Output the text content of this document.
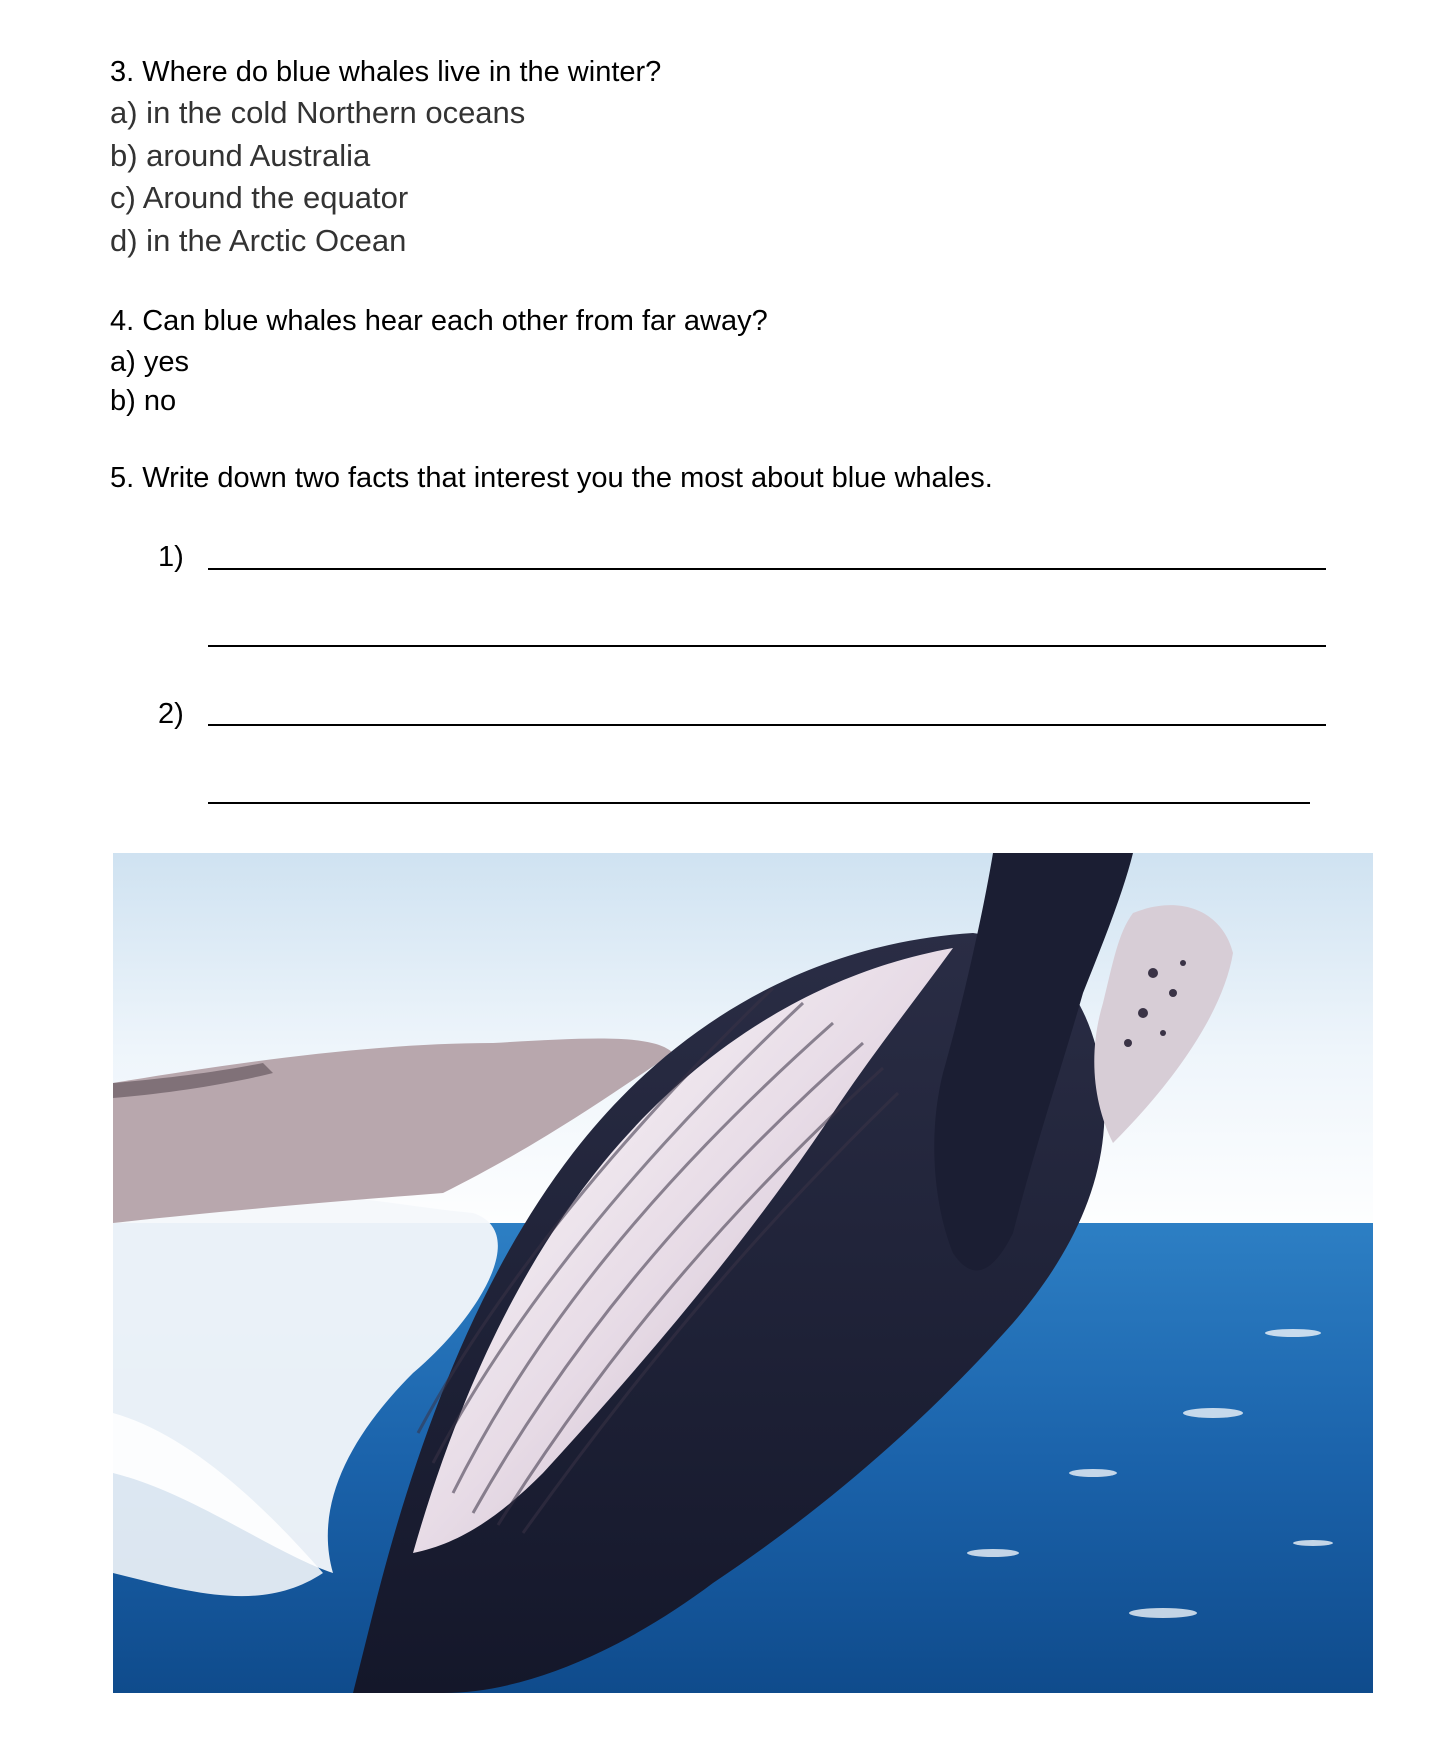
3. Where do blue whales live in the winter?
a) in the cold Northern oceans
b) around Australia
c) Around the equator
d) in the Arctic Ocean
4. Can blue whales hear each other from far away?
a) yes
b) no
5. Write down two facts that interest you the most about blue whales.
1)
2)
